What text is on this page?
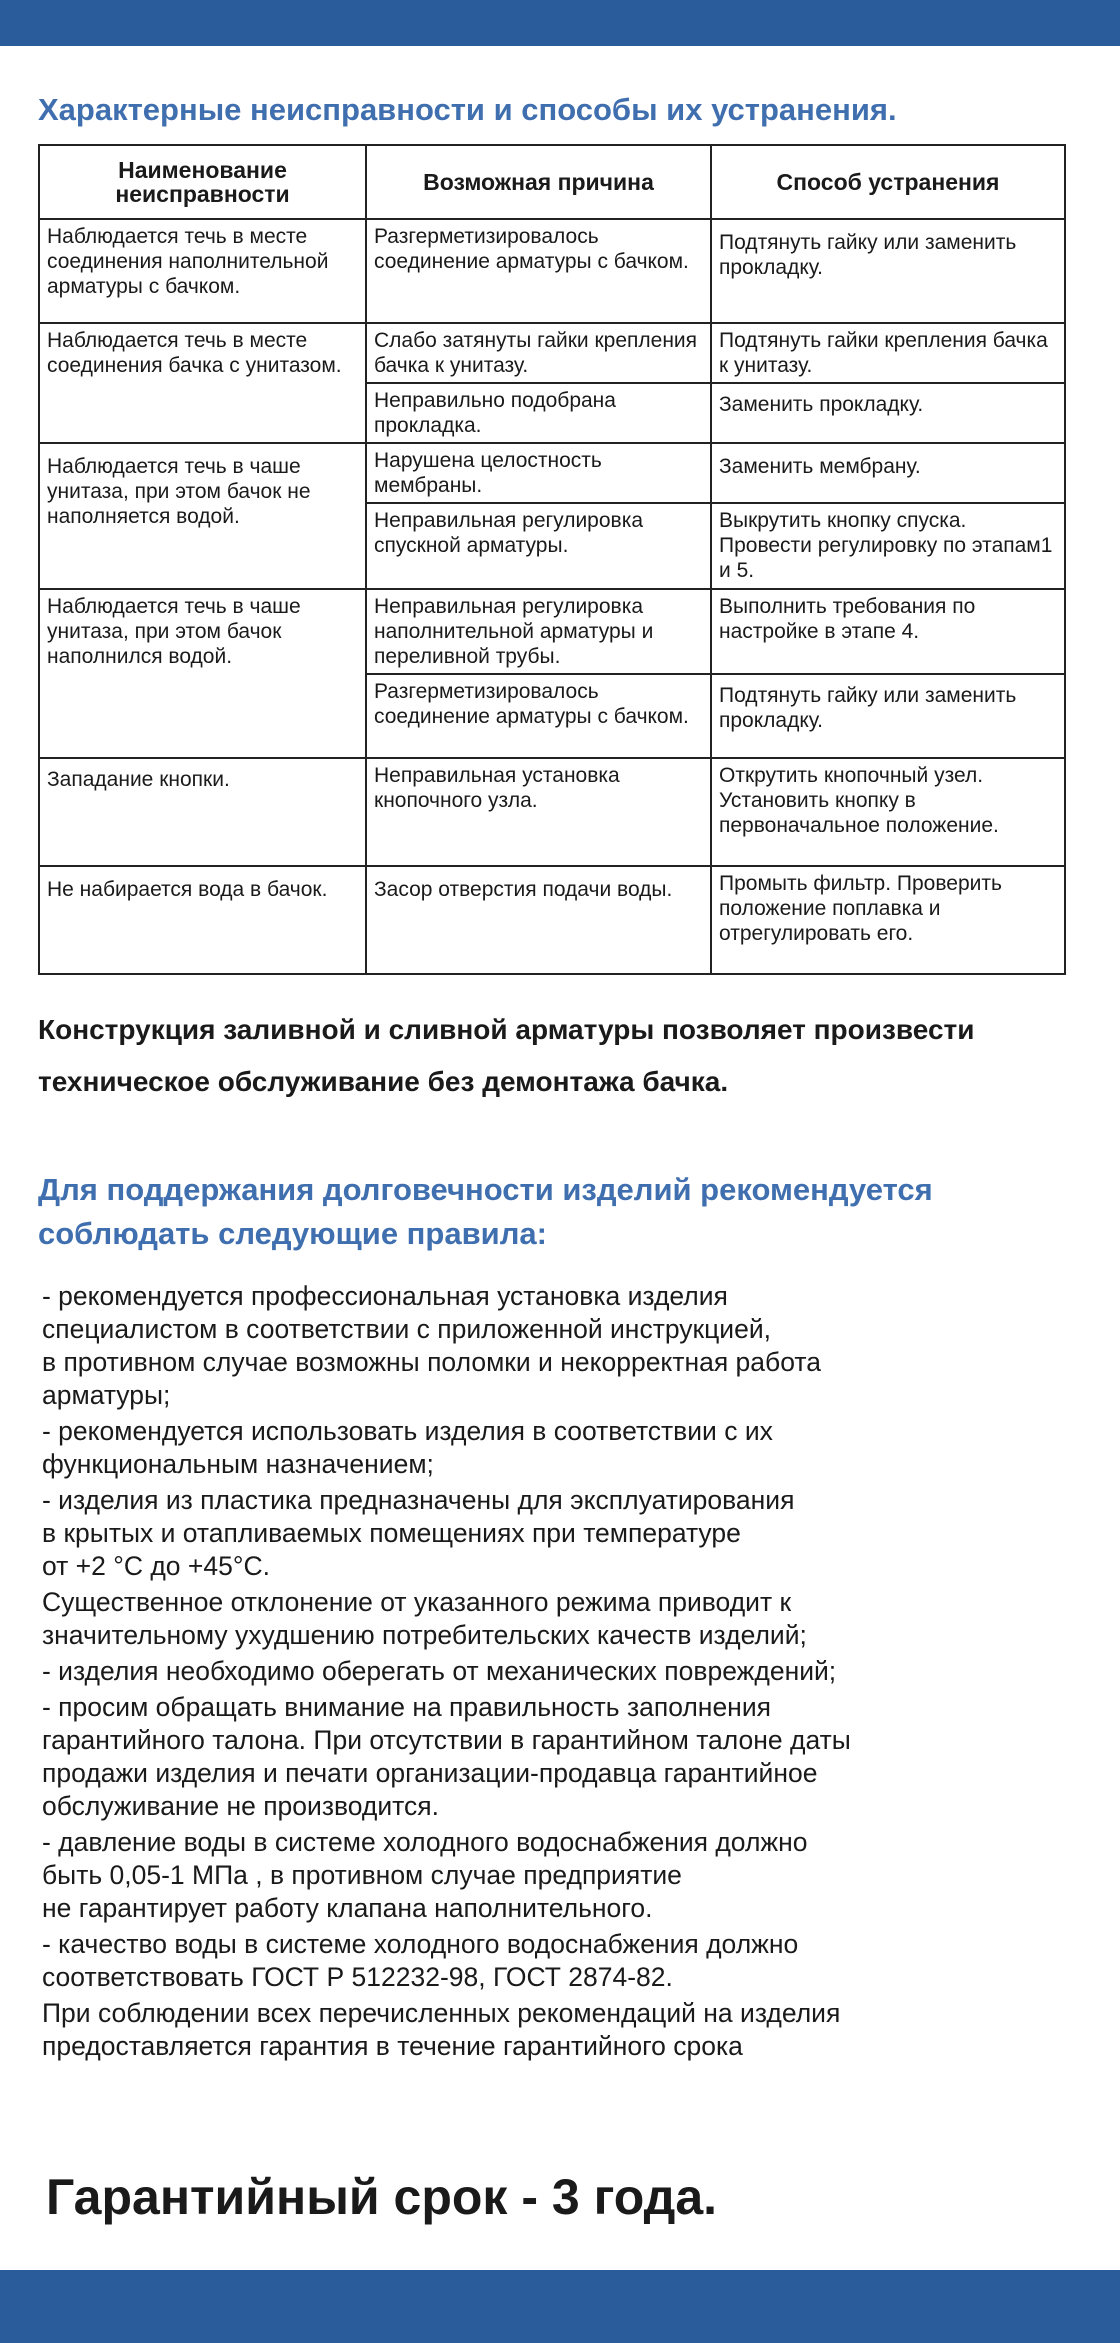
Характерные неисправности и способы их устранения.
Наименование неисправности	Возможная причина	Способ устранения
Наблюдается течь в месте соединения наполнительной арматуры с бачком.	Разгерметизировалось соединение арматуры с бачком.	Подтянуть гайку или заменить прокладку.
Наблюдается течь в месте соединения бачка с унитазом.	Слабо затянуты гайки крепления бачка к унитазу.	Подтянуть гайки крепления бачка к унитазу.
	Неправильно подобрана прокладка.	Заменить прокладку.
Наблюдается течь в чаше унитаза, при этом бачок не наполняется водой.	Нарушена целостность мембраны.	Заменить мембрану.
	Неправильная регулировка спускной арматуры.	Выкрутить кнопку спуска. Провести регулировку по этапам1 и 5.
Наблюдается течь в чаше унитаза, при этом бачок наполнился водой.	Неправильная регулировка наполнительной арматуры и переливной трубы.	Выполнить требования по настройке в этапе 4.
	Разгерметизировалось соединение арматуры с бачком.	Подтянуть гайку или заменить прокладку.
Западание кнопки.	Неправильная установка кнопочного узла.	Открутить кнопочный узел. Установить кнопку в первоначальное положение.
Не набирается вода в бачок.	Засор отверстия подачи воды.	Промыть фильтр. Проверить положение поплавка и отрегулировать его.

Конструкция заливной и сливной арматуры позволяет произвести техническое обслуживание без демонтажа бачка.

Для поддержания долговечности изделий рекомендуется соблюдать следующие правила:
- рекомендуется профессиональная установка изделия
специалистом в соответствии с приложенной инструкцией,
в противном случае возможны поломки и некорректная работа
арматуры;
- рекомендуется использовать изделия в соответствии с их
функциональным назначением;
- изделия из пластика предназначены для эксплуатирования
в крытых и отапливаемых помещениях при температуре
от +2 °C до +45°C.
Существенное отклонение от указанного режима приводит к
значительному ухудшению потребительских качеств изделий;
- изделия необходимо оберегать от механических повреждений;
- просим обращать внимание на правильность заполнения
гарантийного талона. При отсутствии в гарантийном талоне даты
продажи изделия и печати организации-продавца гарантийное
обслуживание не производится.
- давление воды в системе холодного водоснабжения должно
быть 0,05-1 МПа , в противном случае предприятие
не гарантирует работу клапана наполнительного.
- качество воды в системе холодного водоснабжения должно
соответствовать ГОСТ Р 512232-98, ГОСТ 2874-82.
При соблюдении всех перечисленных рекомендаций на изделия
предоставляется гарантия в течение гарантийного срока

Гарантийный срок - 3 года.
